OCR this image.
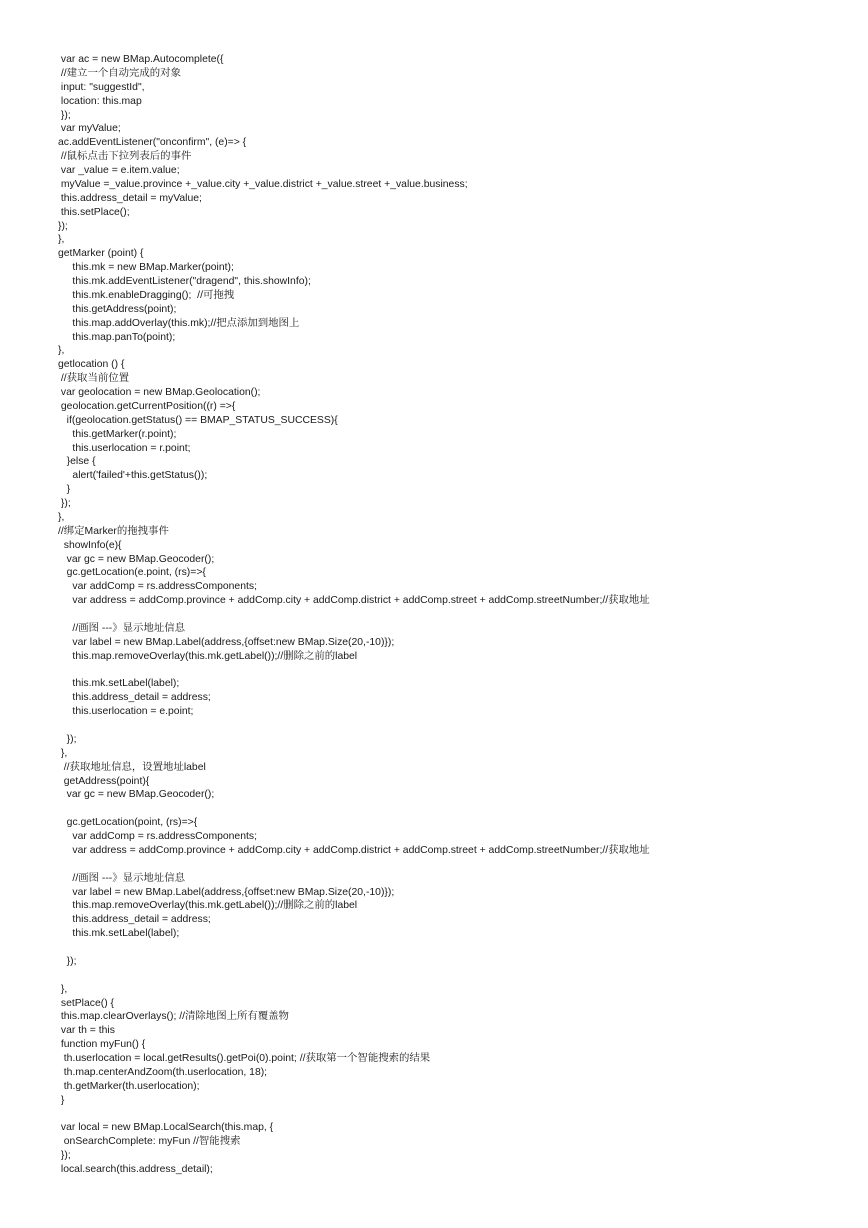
var ac = new BMap.Autocomplete({
//建立一个自动完成的对象
input: "suggestId",
location: this.map
});
var myValue;
ac.addEventListener("onconfirm", (e)=> {
//鼠标点击下拉列表后的事件
var _value = e.item.value;
myValue =_value.province +_value.city +_value.district +_value.street +_value.business;
this.address_detail = myValue;
this.setPlace();
});
},
getMarker (point) {
this.mk = new BMap.Marker(point);
this.mk.addEventListener("dragend", this.showInfo);
this.mk.enableDragging();  //可拖拽
this.getAddress(point);
this.map.addOverlay(this.mk);//把点添加到地图上
this.map.panTo(point);
},
getlocation () {
//获取当前位置
var geolocation = new BMap.Geolocation();
geolocation.getCurrentPosition((r) =>{
if(geolocation.getStatus() == BMAP_STATUS_SUCCESS){
this.getMarker(r.point);
this.userlocation = r.point;
}else {
alert('failed'+this.getStatus());
}
});
},
//绑定Marker的拖拽事件
showInfo(e){
var gc = new BMap.Geocoder();
gc.getLocation(e.point, (rs)=>{
var addComp = rs.addressComponents;
var address = addComp.province + addComp.city + addComp.district + addComp.street + addComp.streetNumber;//获取地址
//画图 ---》显示地址信息
var label = new BMap.Label(address,{offset:new BMap.Size(20,-10)});
this.map.removeOverlay(this.mk.getLabel());//删除之前的label
this.mk.setLabel(label);
this.address_detail = address;
this.userlocation = e.point;
});
},
//获取地址信息，设置地址label
getAddress(point){
var gc = new BMap.Geocoder();
gc.getLocation(point, (rs)=>{
var addComp = rs.addressComponents;
var address = addComp.province + addComp.city + addComp.district + addComp.street + addComp.streetNumber;//获取地址
//画图 ---》显示地址信息
var label = new BMap.Label(address,{offset:new BMap.Size(20,-10)});
this.map.removeOverlay(this.mk.getLabel());//删除之前的label
this.address_detail = address;
this.mk.setLabel(label);
});
},
setPlace() {
this.map.clearOverlays(); //清除地图上所有覆盖物
var th = this
function myFun() {
th.userlocation = local.getResults().getPoi(0).point; //获取第一个智能搜索的结果
th.map.centerAndZoom(th.userlocation, 18);
th.getMarker(th.userlocation);
}
var local = new BMap.LocalSearch(this.map, {
onSearchComplete: myFun //智能搜索
});
local.search(this.address_detail);
